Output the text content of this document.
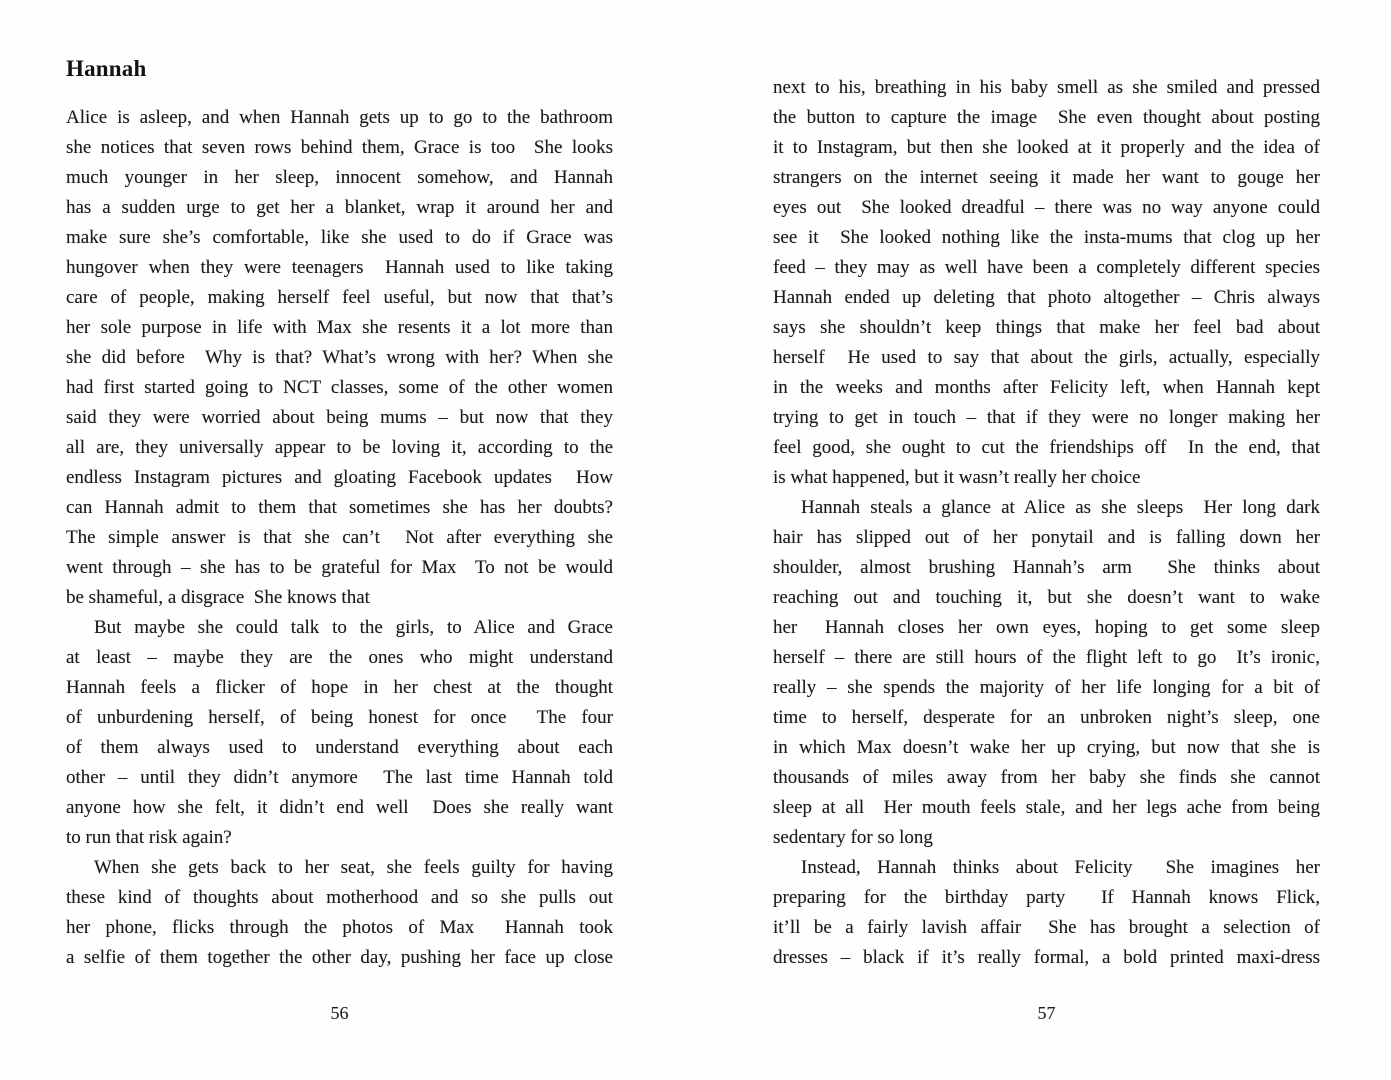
Hannah
Alice is asleep, and when Hannah gets up to go to the bathroom
she notices that seven rows behind them, Grace is too  She looks
much younger in her sleep, innocent somehow, and Hannah
has a sudden urge to get her a blanket, wrap it around her and
make sure she’s comfortable, like she used to do if Grace was
hungover when they were teenagers  Hannah used to like taking
care of people, making herself feel useful, but now that that’s
her sole purpose in life with Max she resents it a lot more than
she did before  Why is that? What’s wrong with her? When she
had first started going to NCT classes, some of the other women
said they were worried about being mums – but now that they
all are, they universally appear to be loving it, according to the
endless Instagram pictures and gloating Facebook updates  How
can Hannah admit to them that sometimes she has her doubts?
The simple answer is that she can’t  Not after everything she
went through – she has to be grateful for Max  To not be would
be shameful, a disgrace  She knows that
But maybe she could talk to the girls, to Alice and Grace
at least – maybe they are the ones who might understand
Hannah feels a flicker of hope in her chest at the thought
of unburdening herself, of being honest for once  The four
of them always used to understand everything about each
other – until they didn’t anymore  The last time Hannah told
anyone how she felt, it didn’t end well  Does she really want
to run that risk again?
When she gets back to her seat, she feels guilty for having
these kind of thoughts about motherhood and so she pulls out
her phone, flicks through the photos of Max  Hannah took
a selfie of them together the other day, pushing her face up close
next to his, breathing in his baby smell as she smiled and pressed
the button to capture the image  She even thought about posting
it to Instagram, but then she looked at it properly and the idea of
strangers on the internet seeing it made her want to gouge her
eyes out  She looked dreadful – there was no way anyone could
see it  She looked nothing like the insta-mums that clog up her
feed – they may as well have been a completely different species
Hannah ended up deleting that photo altogether – Chris always
says she shouldn’t keep things that make her feel bad about
herself  He used to say that about the girls, actually, especially
in the weeks and months after Felicity left, when Hannah kept
trying to get in touch – that if they were no longer making her
feel good, she ought to cut the friendships off  In the end, that
is what happened, but it wasn’t really her choice
Hannah steals a glance at Alice as she sleeps  Her long dark
hair has slipped out of her ponytail and is falling down her
shoulder, almost brushing Hannah’s arm  She thinks about
reaching out and touching it, but she doesn’t want to wake
her  Hannah closes her own eyes, hoping to get some sleep
herself – there are still hours of the flight left to go  It’s ironic,
really – she spends the majority of her life longing for a bit of
time to herself, desperate for an unbroken night’s sleep, one
in which Max doesn’t wake her up crying, but now that she is
thousands of miles away from her baby she finds she cannot
sleep at all  Her mouth feels stale, and her legs ache from being
sedentary for so long
Instead, Hannah thinks about Felicity  She imagines her
preparing for the birthday party  If Hannah knows Flick,
it’ll be a fairly lavish affair  She has brought a selection of
dresses – black if it’s really formal, a bold printed maxi-dress
56	57
